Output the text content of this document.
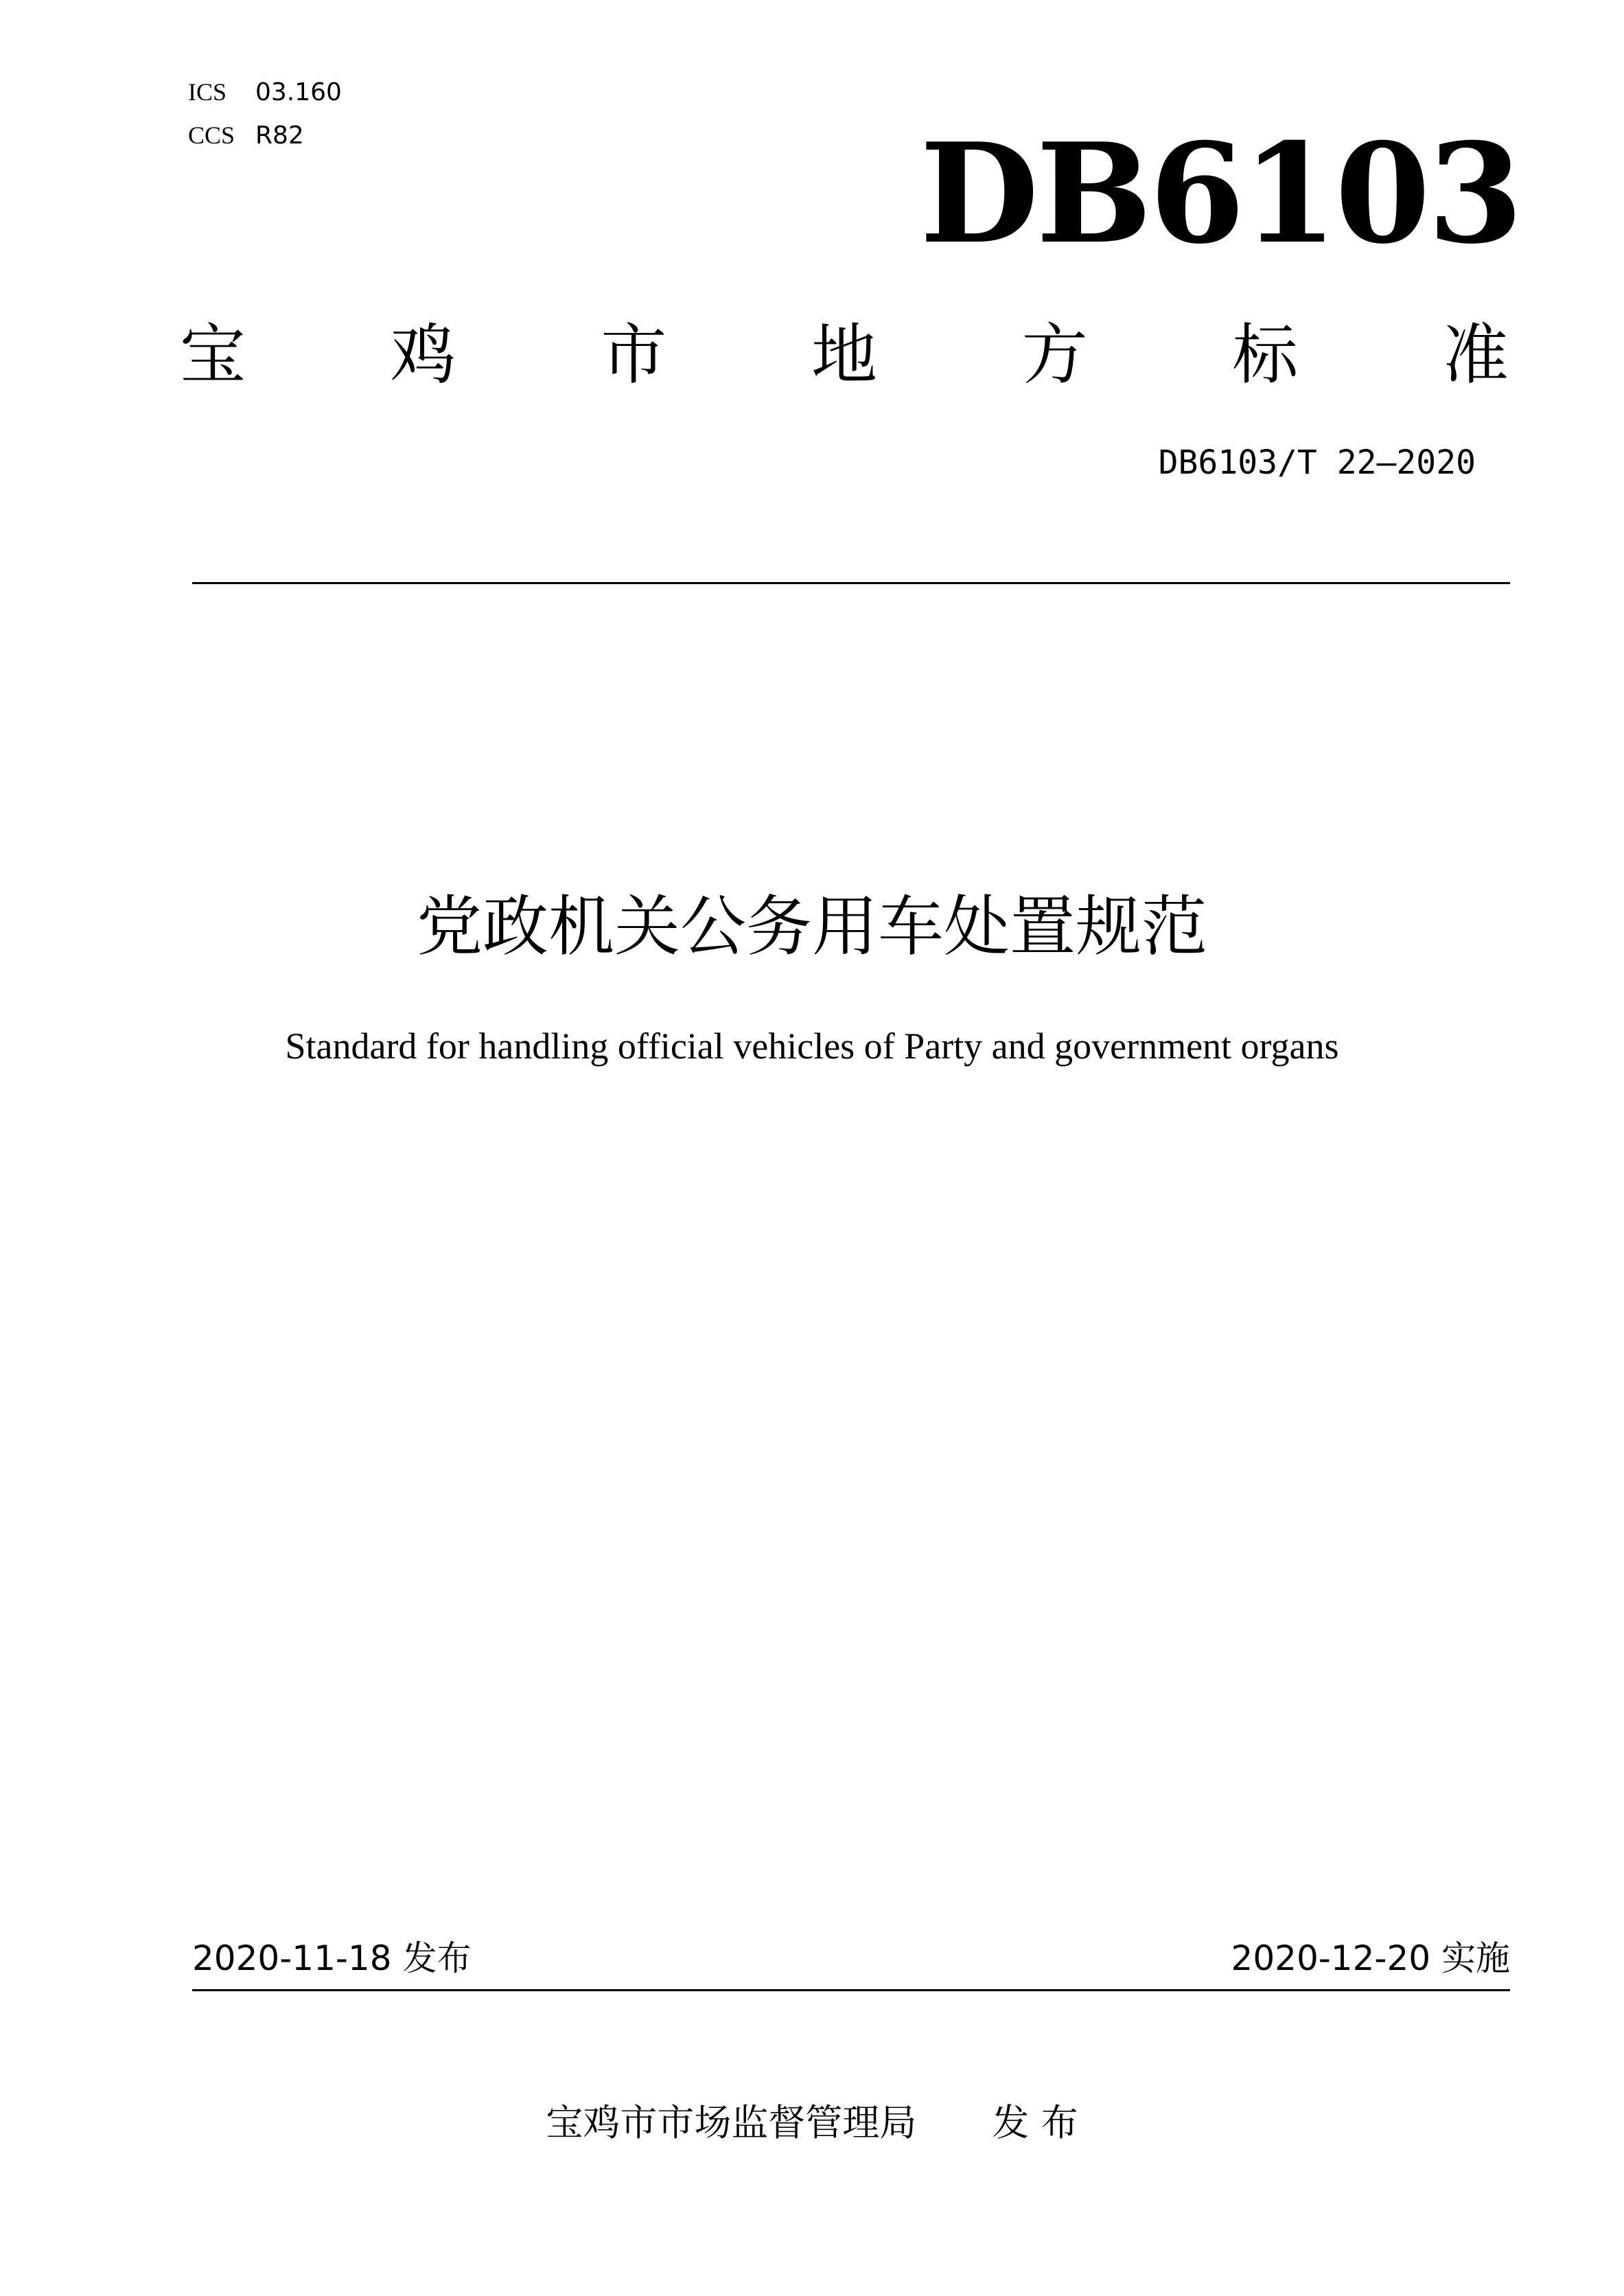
ICS 03.160
CCS R82	DB6103
宝 鸡 市 地 方 标 准
DB6103/T 22—2020
党政机关公务用车处置规范
Standard for handling official vehicles of Party and government organs
2020-11-18 发布	2020-12-20 实施
宝鸡市市场监督管理局 发 布
